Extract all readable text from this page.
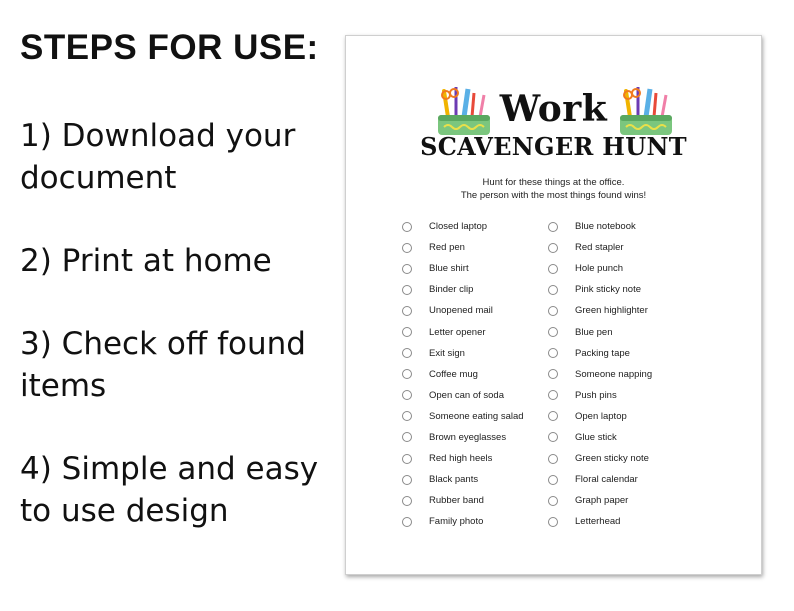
STEPS FOR USE:
1) Download your document
2) Print at home
3) Check off found items
4) Simple and easy to use design
Work
SCAVENGER HUNT
Hunt for these things at the office.
The person with the most things found wins!
Closed laptop
Red pen
Blue shirt
Binder clip
Unopened mail
Letter opener
Exit sign
Coffee mug
Open can of soda
Someone eating salad
Brown eyeglasses
Red high heels
Black pants
Rubber band
Family photo
Blue notebook
Red stapler
Hole punch
Pink sticky note
Green highlighter
Blue pen
Packing tape
Someone napping
Push pins
Open laptop
Glue stick
Green sticky note
Floral calendar
Graph paper
Letterhead
